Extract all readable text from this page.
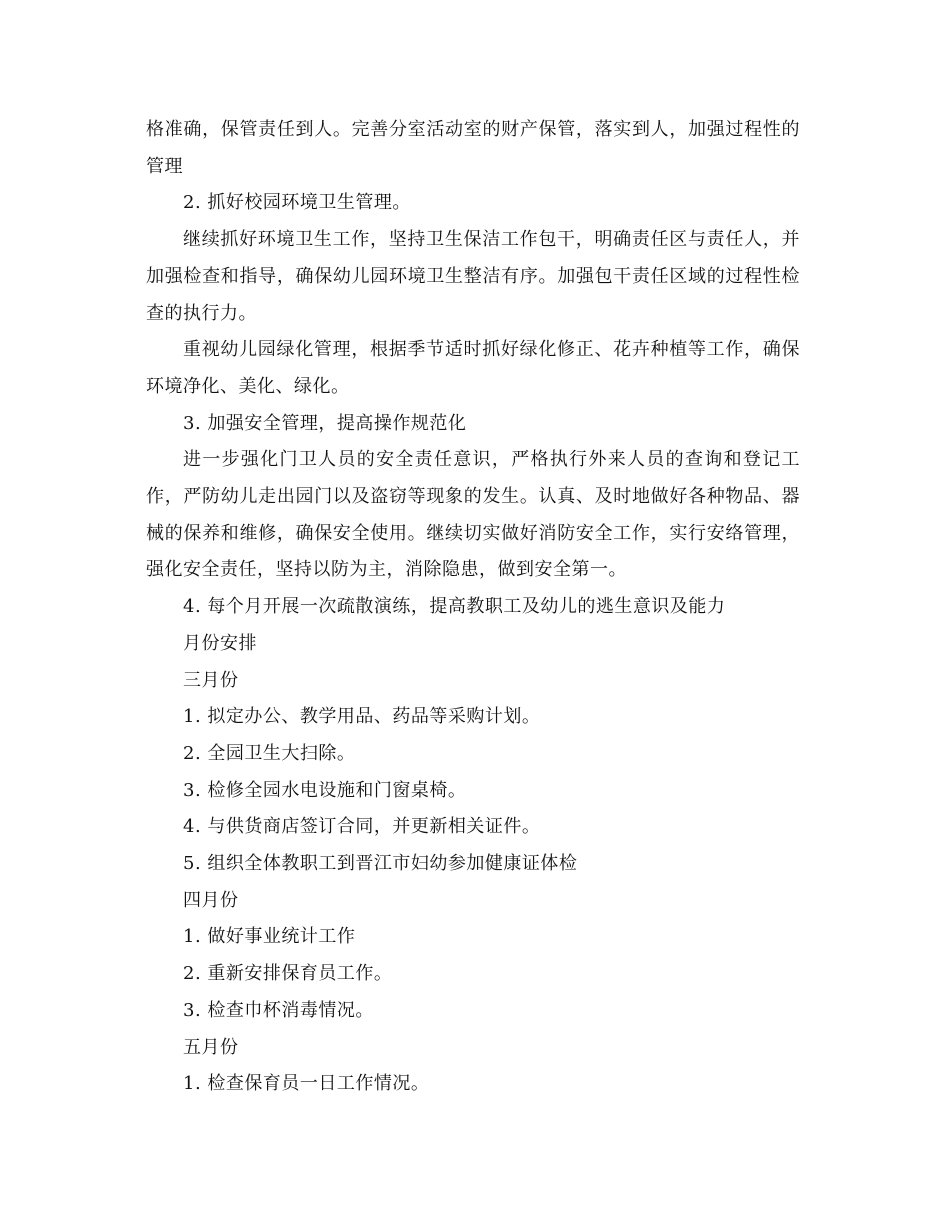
格准确，保管责任到人。完善分室活动室的财产保管，落实到人，加强过程性的管理

2. 抓好校园环境卫生管理。

继续抓好环境卫生工作，坚持卫生保洁工作包干，明确责任区与责任人，并加强检查和指导，确保幼儿园环境卫生整洁有序。加强包干责任区域的过程性检查的执行力。

重视幼儿园绿化管理，根据季节适时抓好绿化修正、花卉种植等工作，确保环境净化、美化、绿化。

3. 加强安全管理，提高操作规范化

进一步强化门卫人员的安全责任意识，严格执行外来人员的查询和登记工作，严防幼儿走出园门以及盗窃等现象的发生。认真、及时地做好各种物品、器械的保养和维修，确保安全使用。继续切实做好消防安全工作，实行安络管理，强化安全责任，坚持以防为主，消除隐患，做到安全第一。

4. 每个月开展一次疏散演练，提高教职工及幼儿的逃生意识及能力

月份安排

三月份

1. 拟定办公、教学用品、药品等采购计划。

2. 全园卫生大扫除。

3. 检修全园水电设施和门窗桌椅。

4. 与供货商店签订合同，并更新相关证件。

5. 组织全体教职工到晋江市妇幼参加健康证体检

四月份

1. 做好事业统计工作

2. 重新安排保育员工作。

3. 检查巾杯消毒情况。

五月份

1. 检查保育员一日工作情况。
